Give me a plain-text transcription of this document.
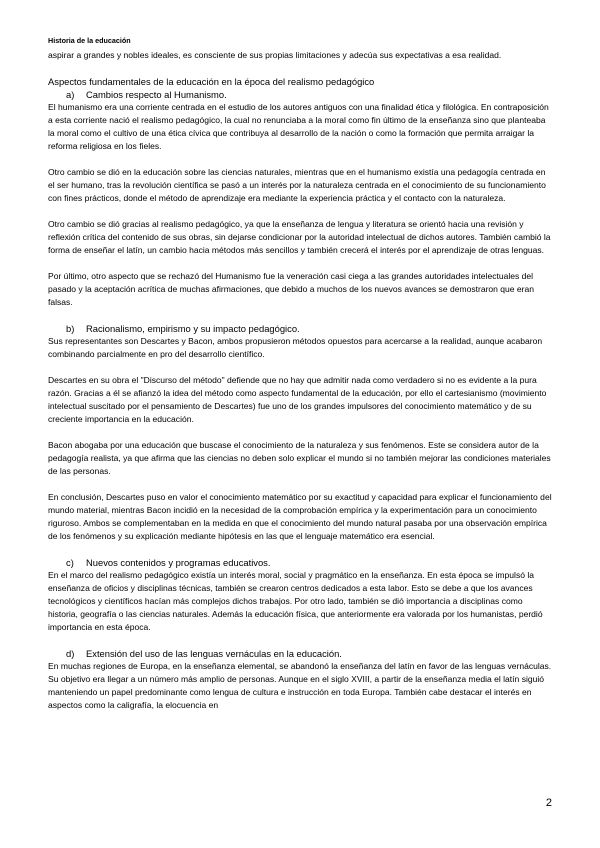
Historia de la educación

aspirar a grandes y nobles ideales, es consciente de sus propias limitaciones y adecúa sus expectativas a esa realidad.

Aspectos fundamentales de la educación en la época del realismo pedagógico
a) Cambios respecto al Humanismo.

El humanismo era una corriente centrada en el estudio de los autores antiguos con una finalidad ética y filológica. En contraposición a esta corriente nació el realismo pedagógico, la cual no renunciaba a la moral como fin último de la enseñanza sino que planteaba la moral como el cultivo de una ética cívica que contribuya al desarrollo de la nación o como la formación que permita arraigar la reforma religiosa en los fieles.

Otro cambio se dió en la educación sobre las ciencias naturales, mientras que en el humanismo existía una pedagogía centrada en el ser humano, tras la revolución científica se pasó a un interés por la naturaleza centrada en el conocimiento de su funcionamiento con fines prácticos, donde el método de aprendizaje era mediante la experiencia práctica y el contacto con la naturaleza.

Otro cambio se dió gracias al realismo pedagógico, ya que la enseñanza de lengua y literatura se orientó hacia una revisión y reflexión crítica del contenido de sus obras, sin dejarse condicionar por la autoridad intelectual de dichos autores. También cambió la forma de enseñar el latín, un cambio hacia métodos más sencillos y también crecerá el interés por el aprendizaje de otras lenguas.

Por último, otro aspecto que se rechazó del Humanismo fue la veneración casi ciega a las grandes autoridades intelectuales del pasado y la aceptación acrítica de muchas afirmaciones, que debido a muchos de los nuevos avances se demostraron que eran falsas.

b) Racionalismo, empirismo y su impacto pedagógico.

Sus representantes son Descartes y Bacon, ambos propusieron métodos opuestos para acercarse a la realidad, aunque acabaron combinando parcialmente en pro del desarrollo científico.

Descartes en su obra el "Discurso del método" defiende que no hay que admitir nada como verdadero si no es evidente a la pura razón. Gracias a él se afianzó la idea del método como aspecto fundamental de la educación, por ello el cartesianismo (movimiento intelectual suscitado por el pensamiento de Descartes) fue uno de los grandes impulsores del conocimiento matemático y de su creciente importancia en la educación.

Bacon abogaba por una educación que buscase el conocimiento de la naturaleza y sus fenómenos. Este se considera autor de la pedagogía realista, ya que afirma que las ciencias no deben solo explicar el mundo si no también mejorar las condiciones materiales de las personas.

En conclusión, Descartes puso en valor el conocimiento matemático por su exactitud y capacidad para explicar el funcionamiento del mundo material, mientras Bacon incidió en la necesidad de la comprobación empírica y la experimentación para un conocimiento riguroso. Ambos se complementaban en la medida en que el conocimiento del mundo natural pasaba por una observación empírica de los fenómenos y su explicación mediante hipótesis en las que el lenguaje matemático era esencial.

c) Nuevos contenidos y programas educativos.

En el marco del realismo pedagógico existía un interés moral, social y pragmático en la enseñanza. En esta época se impulsó la enseñanza de oficios y disciplinas técnicas, también se crearon centros dedicados a esta labor. Esto se debe a que los avances tecnológicos y científicos hacían más complejos dichos trabajos. Por otro lado, también se dió importancia a disciplinas como historia, geografía o las ciencias naturales. Además la educación física, que anteriormente era valorada por los humanistas, perdió importancia en esta época.

d) Extensión del uso de las lenguas vernáculas en la educación.

En muchas regiones de Europa, en la enseñanza elemental, se abandonó la enseñanza del latín en favor de las lenguas vernáculas. Su objetivo era llegar a un número más amplio de personas. Aunque en el siglo XVIII, a partir de la enseñanza media el latín siguió manteniendo un papel predominante como lengua de cultura e instrucción en toda Europa. También cabe destacar el interés en aspectos como la caligrafía, la elocuencia en

2
